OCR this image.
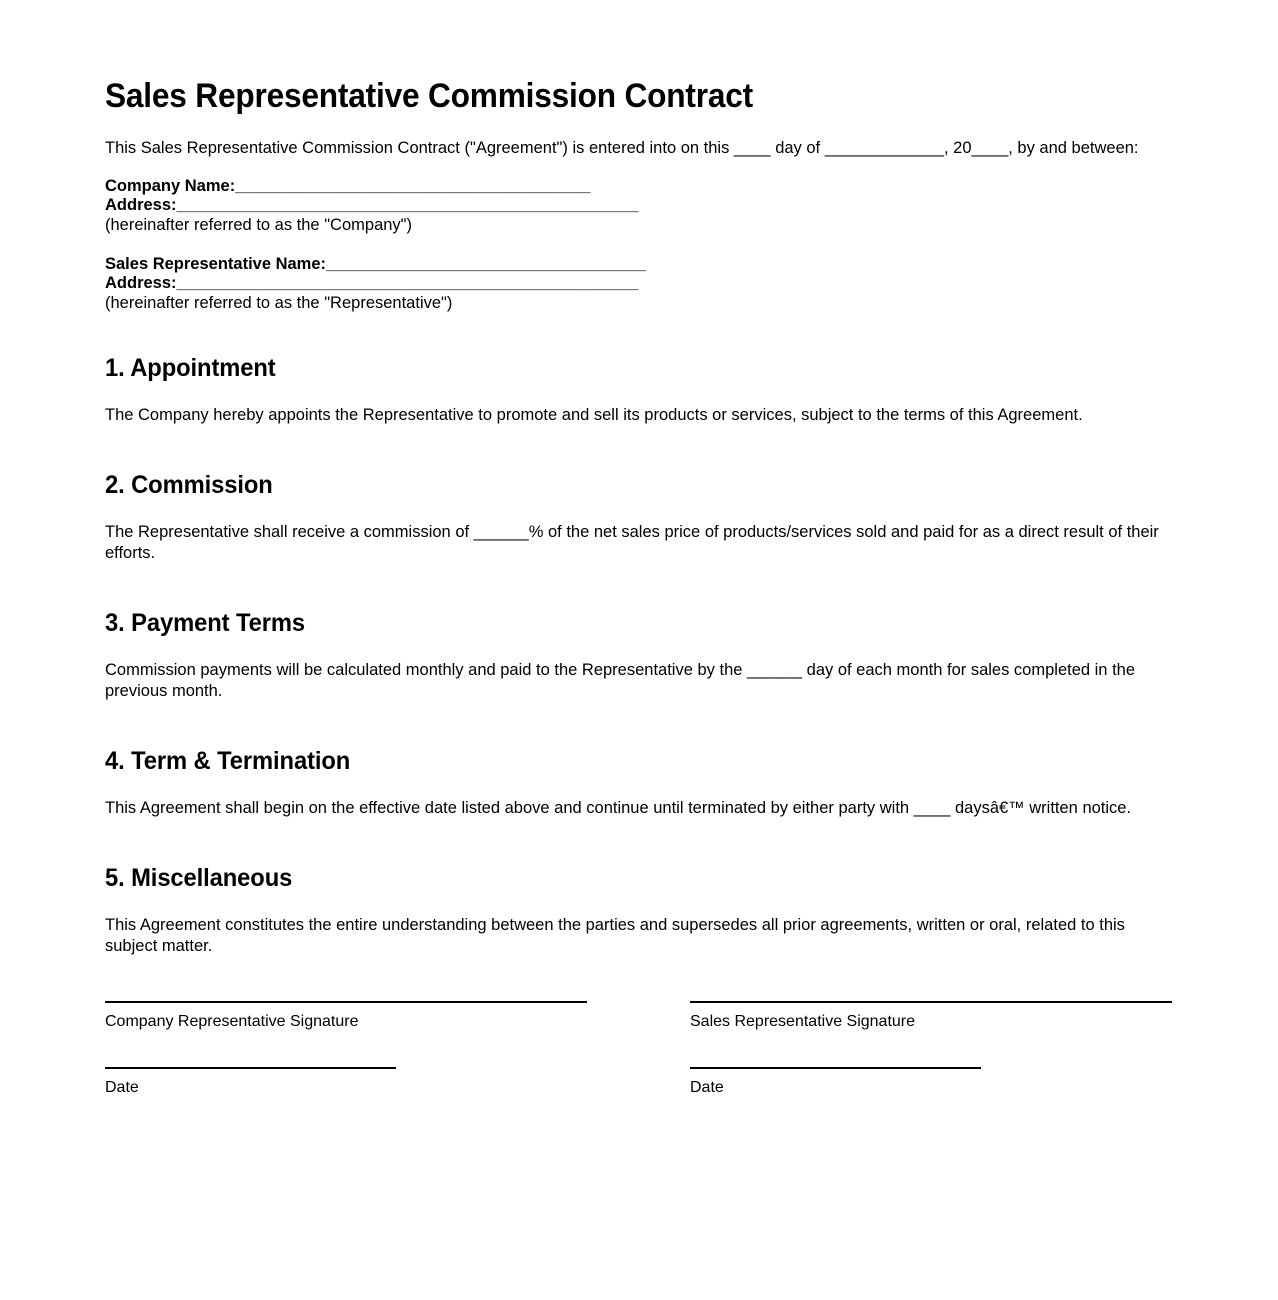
Sales Representative Commission Contract

This Sales Representative Commission Contract ("Agreement") is entered into on this ____ day of _____________, 20____, by and between:

Company Name:________________________________________

Address:____________________________________________________

(hereinafter referred to as the "Company")

Sales Representative Name:____________________________________

Address:____________________________________________________

(hereinafter referred to as the "Representative")

1. Appointment

The Company hereby appoints the Representative to promote and sell its products or services, subject to the terms of this Agreement.

2. Commission

The Representative shall receive a commission of ______% of the net sales price of products/services sold and paid for as a direct result of their efforts.

3. Payment Terms

Commission payments will be calculated monthly and paid to the Representative by the ______ day of each month for sales completed in the previous month.

4. Term & Termination

This Agreement shall begin on the effective date listed above and continue until terminated by either party with ____ daysâ€™ written notice.

5. Miscellaneous

This Agreement constitutes the entire understanding between the parties and supersedes all prior agreements, written or oral, related to this subject matter.

Company Representative Signature

Date

Sales Representative Signature

Date
